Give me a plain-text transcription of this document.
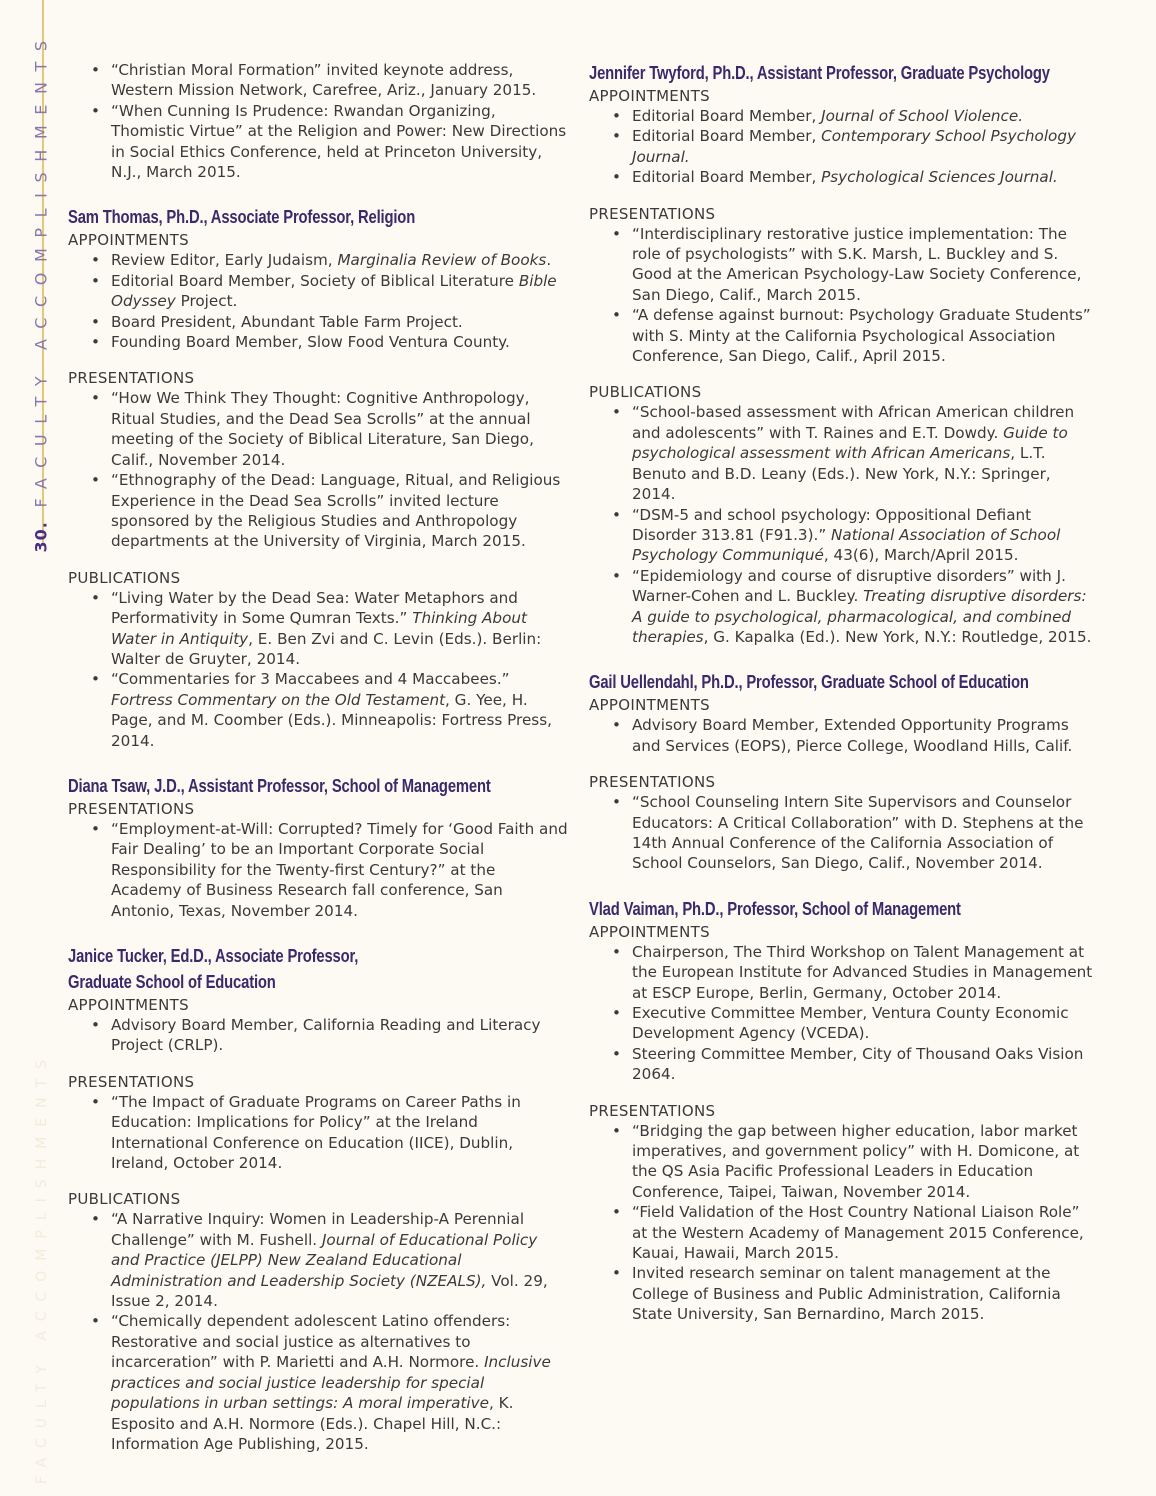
30.
FACULTY ACCOMPLISHMENTS
FACULTY ACCOMPLISHMENTS
• “Christian Moral Formation” invited keynote address, Western Mission Network, Carefree, Ariz., January 2015.
• “When Cunning Is Prudence: Rwandan Organizing, Thomistic Virtue” at the Religion and Power: New Directions in Social Ethics Conference, held at Princeton University, N.J., March 2015.
Sam Thomas, Ph.D., Associate Professor, Religion
APPOINTMENTS
• Review Editor, Early Judaism, Marginalia Review of Books.
• Editorial Board Member, Society of Biblical Literature Bible Odyssey Project.
• Board President, Abundant Table Farm Project.
• Founding Board Member, Slow Food Ventura County.
PRESENTATIONS
• “How We Think They Thought: Cognitive Anthropology, Ritual Studies, and the Dead Sea Scrolls” at the annual meeting of the Society of Biblical Literature, San Diego, Calif., November 2014.
• “Ethnography of the Dead: Language, Ritual, and Religious Experience in the Dead Sea Scrolls” invited lecture sponsored by the Religious Studies and Anthropology departments at the University of Virginia, March 2015.
PUBLICATIONS
• “Living Water by the Dead Sea: Water Metaphors and Performativity in Some Qumran Texts.” Thinking About Water in Antiquity, E. Ben Zvi and C. Levin (Eds.). Berlin: Walter de Gruyter, 2014.
• “Commentaries for 3 Maccabees and 4 Maccabees.” Fortress Commentary on the Old Testament, G. Yee, H. Page, and M. Coomber (Eds.). Minneapolis: Fortress Press, 2014.
Diana Tsaw, J.D., Assistant Professor, School of Management
PRESENTATIONS
• “Employment-at-Will: Corrupted? Timely for ‘Good Faith and Fair Dealing’ to be an Important Corporate Social Responsibility for the Twenty-first Century?” at the Academy of Business Research fall conference, San Antonio, Texas, November 2014.
Janice Tucker, Ed.D., Associate Professor,
Graduate School of Education
APPOINTMENTS
• Advisory Board Member, California Reading and Literacy Project (CRLP).
PRESENTATIONS
• “The Impact of Graduate Programs on Career Paths in Education: Implications for Policy” at the Ireland International Conference on Education (IICE), Dublin, Ireland, October 2014.
PUBLICATIONS
• “A Narrative Inquiry: Women in Leadership-A Perennial Challenge” with M. Fushell. Journal of Educational Policy and Practice (JELPP) New Zealand Educational Administration and Leadership Society (NZEALS), Vol. 29, Issue 2, 2014.
• “Chemically dependent adolescent Latino offenders: Restorative and social justice as alternatives to incarceration” with P. Marietti and A.H. Normore. Inclusive practices and social justice leadership for special populations in urban settings: A moral imperative, K. Esposito and A.H. Normore (Eds.). Chapel Hill, N.C.: Information Age Publishing, 2015.
Jennifer Twyford, Ph.D., Assistant Professor, Graduate Psychology
APPOINTMENTS
• Editorial Board Member, Journal of School Violence.
• Editorial Board Member, Contemporary School Psychology Journal.
• Editorial Board Member, Psychological Sciences Journal.
PRESENTATIONS
• “Interdisciplinary restorative justice implementation: The role of psychologists” with S.K. Marsh, L. Buckley and S. Good at the American Psychology-Law Society Conference, San Diego, Calif., March 2015.
• “A defense against burnout: Psychology Graduate Students” with S. Minty at the California Psychological Association Conference, San Diego, Calif., April 2015.
PUBLICATIONS
• “School-based assessment with African American children and adolescents” with T. Raines and E.T. Dowdy. Guide to psychological assessment with African Americans, L.T. Benuto and B.D. Leany (Eds.). New York, N.Y.: Springer, 2014.
• “DSM-5 and school psychology: Oppositional Defiant Disorder 313.81 (F91.3).” National Association of School Psychology Communiqué, 43(6), March/April 2015.
• “Epidemiology and course of disruptive disorders” with J. Warner-Cohen and L. Buckley. Treating disruptive disorders: A guide to psychological, pharmacological, and combined therapies, G. Kapalka (Ed.). New York, N.Y.: Routledge, 2015.
Gail Uellendahl, Ph.D., Professor, Graduate School of Education
APPOINTMENTS
• Advisory Board Member, Extended Opportunity Programs and Services (EOPS), Pierce College, Woodland Hills, Calif.
PRESENTATIONS
• “School Counseling Intern Site Supervisors and Counselor Educators: A Critical Collaboration” with D. Stephens at the 14th Annual Conference of the California Association of School Counselors, San Diego, Calif., November 2014.
Vlad Vaiman, Ph.D., Professor, School of Management
APPOINTMENTS
• Chairperson, The Third Workshop on Talent Management at the European Institute for Advanced Studies in Management at ESCP Europe, Berlin, Germany, October 2014.
• Executive Committee Member, Ventura County Economic Development Agency (VCEDA).
• Steering Committee Member, City of Thousand Oaks Vision 2064.
PRESENTATIONS
• “Bridging the gap between higher education, labor market imperatives, and government policy” with H. Domicone, at the QS Asia Pacific Professional Leaders in Education Conference, Taipei, Taiwan, November 2014.
• “Field Validation of the Host Country National Liaison Role” at the Western Academy of Management 2015 Conference, Kauai, Hawaii, March 2015.
• Invited research seminar on talent management at the College of Business and Public Administration, California State University, San Bernardino, March 2015.
